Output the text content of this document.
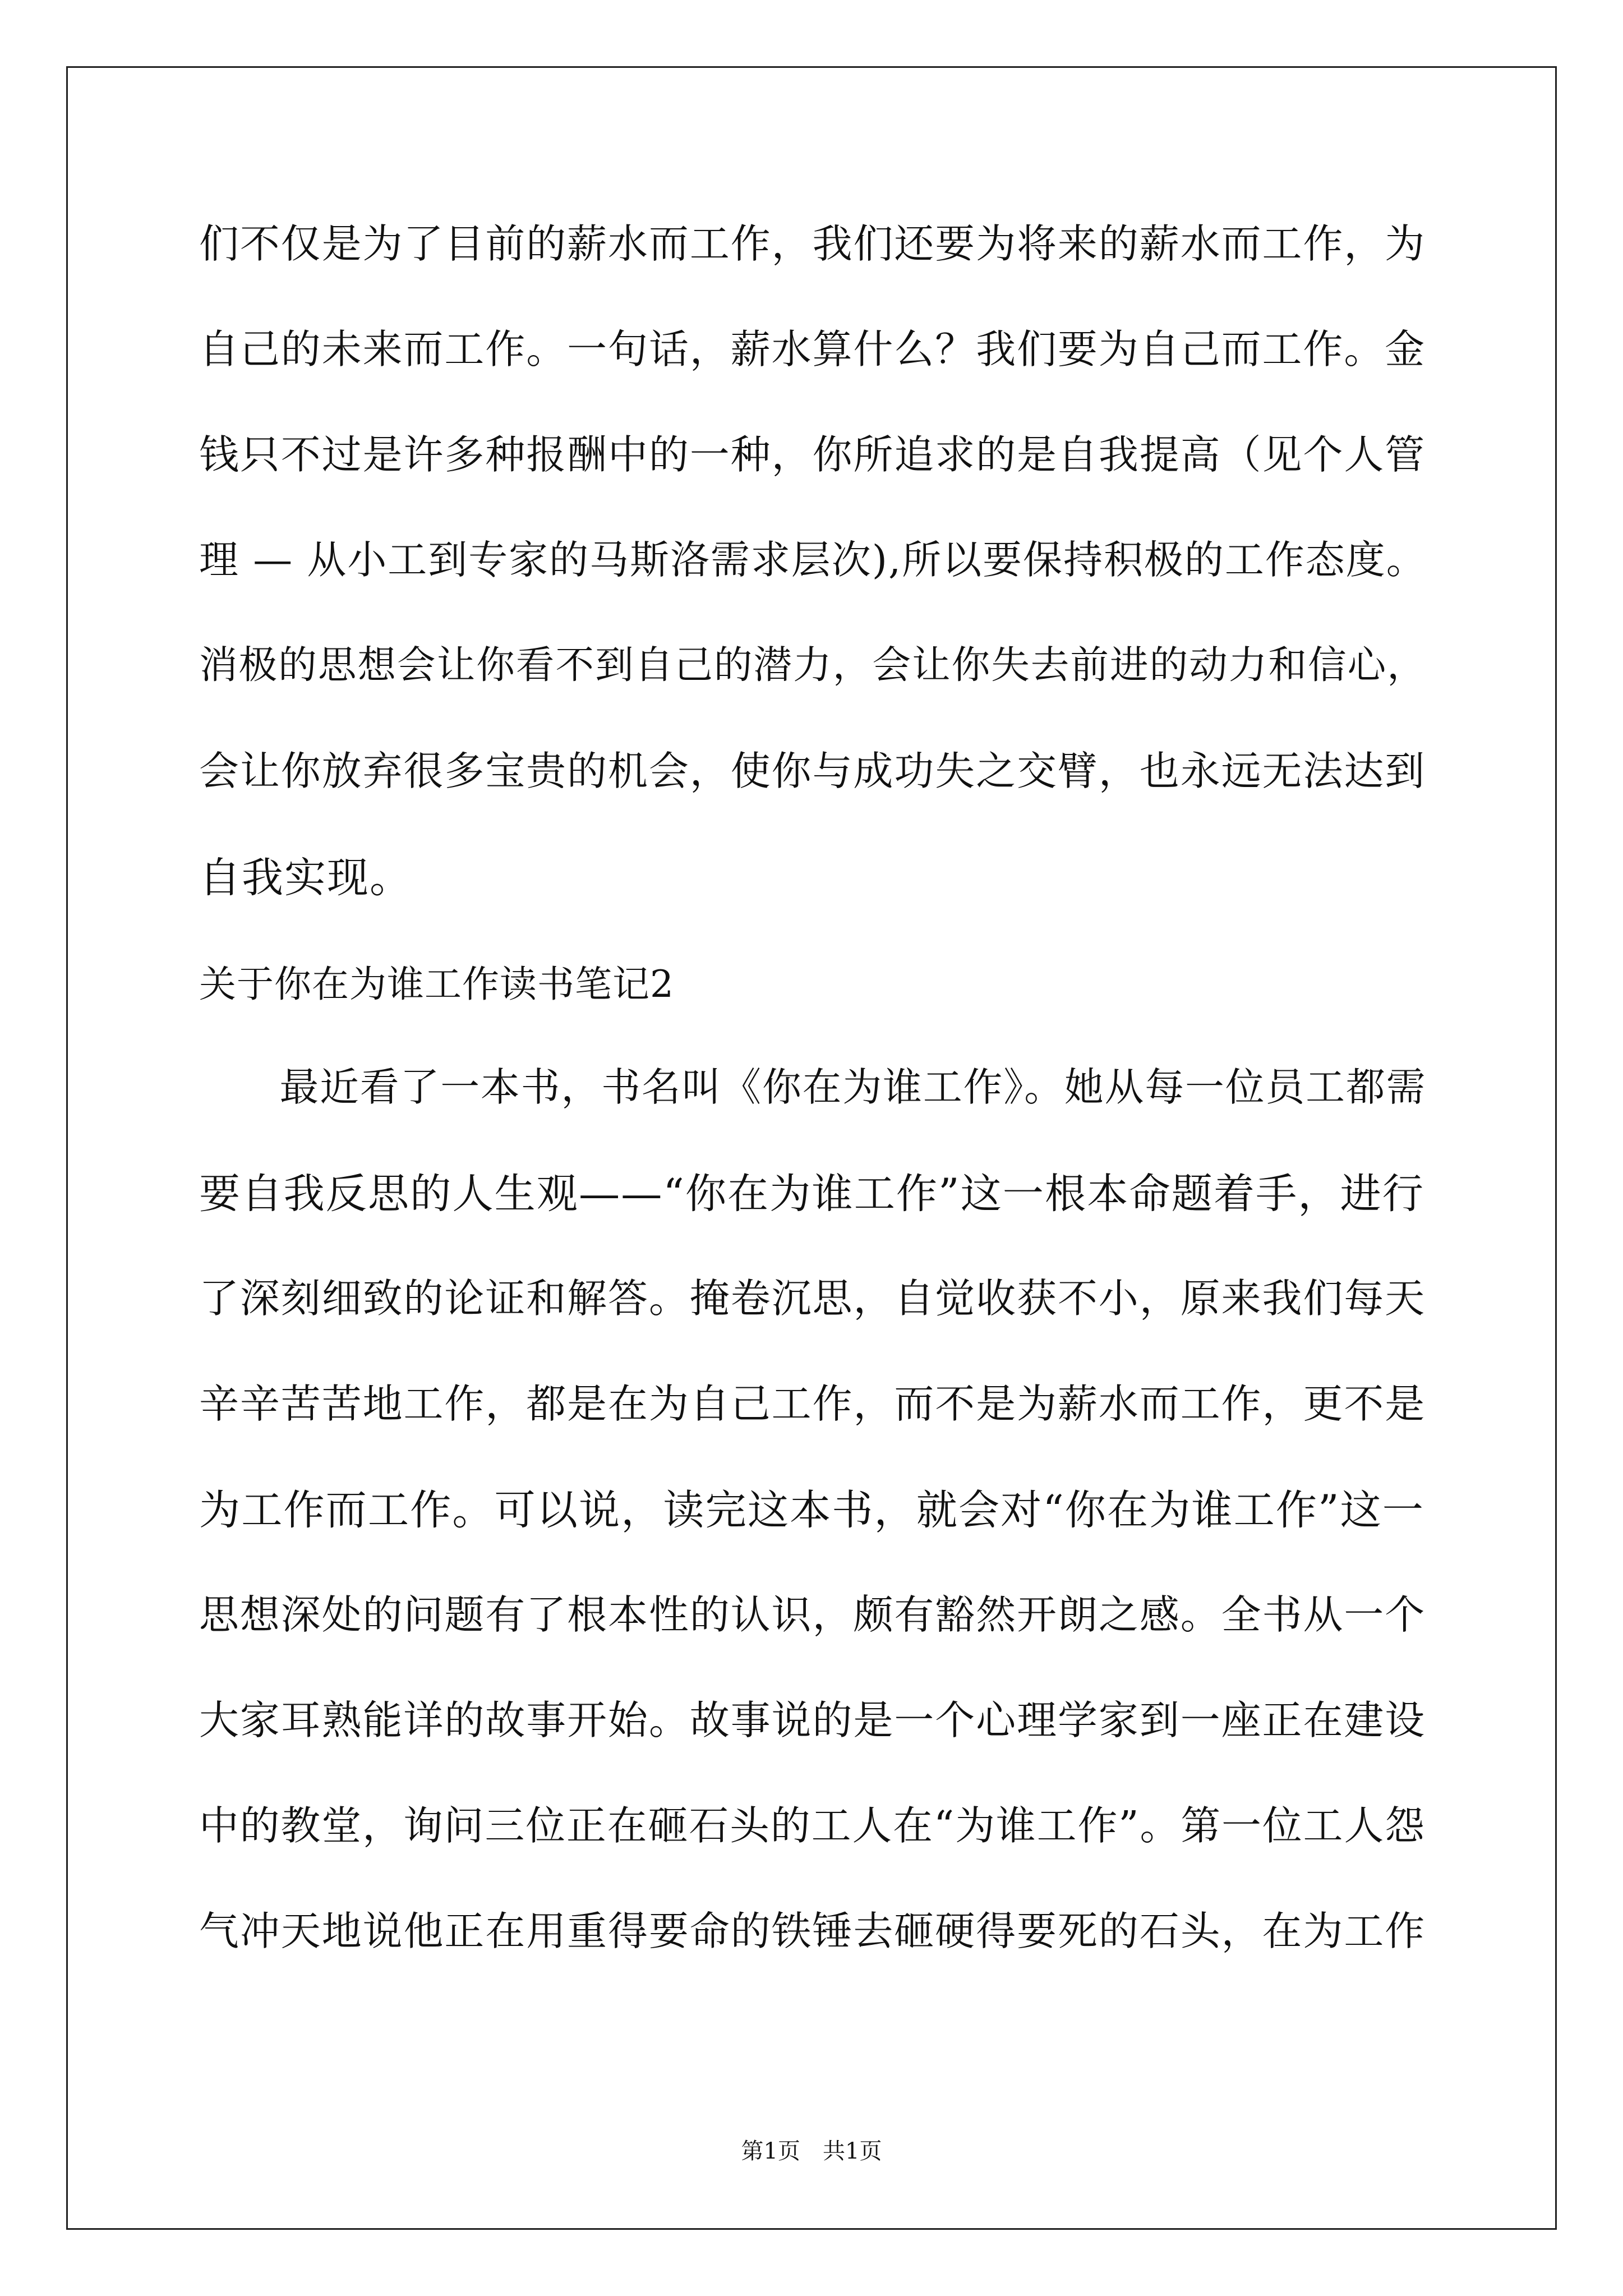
们不仅是为了目前的薪水而工作，我们还要为将来的薪水而工作，为
自己的未来而工作。一句话，薪水算什么？我们要为自己而工作。金
钱只不过是许多种报酬中的一种，你所追求的是自我提高（见个人管
理 — 从小工到专家的马斯洛需求层次),所以要保持积极的工作态度。
消极的思想会让你看不到自己的潜力，会让你失去前进的动力和信心，
会让你放弃很多宝贵的机会，使你与成功失之交臂，也永远无法达到
自我实现。
关于你在为谁工作读书笔记2
　　最近看了一本书，书名叫《你在为谁工作》。她从每一位员工都需
要自我反思的人生观——“你在为谁工作”这一根本命题着手，进行
了深刻细致的论证和解答。掩卷沉思，自觉收获不小，原来我们每天
辛辛苦苦地工作，都是在为自己工作，而不是为薪水而工作，更不是
为工作而工作。可以说，读完这本书，就会对“你在为谁工作”这一
思想深处的问题有了根本性的认识，颇有豁然开朗之感。全书从一个
大家耳熟能详的故事开始。故事说的是一个心理学家到一座正在建设
中的教堂，询问三位正在砸石头的工人在“为谁工作”。第一位工人怨
气冲天地说他正在用重得要命的铁锤去砸硬得要死的石头，在为工作
第1页　共1页
